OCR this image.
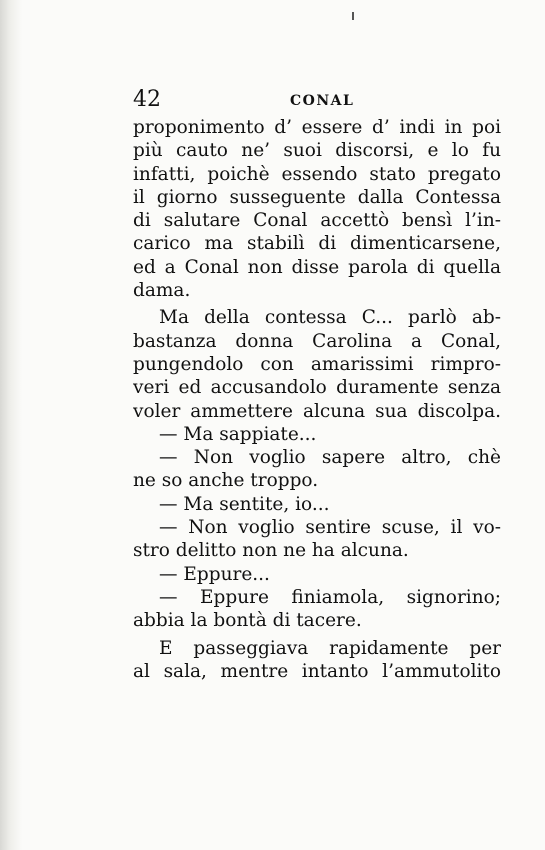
42	CONAL
proponimento d’ essere d’ indi in poi
più cauto ne’ suoi discorsi, e lo fu
infatti, poichè essendo stato pregato
il giorno susseguente dalla Contessa
di salutare Conal accettò bensì l’in-
carico ma stabilì di dimenticarsene,
ed a Conal non disse parola di quella
dama.
Ma della contessa C... parlò ab-
bastanza donna Carolina a Conal,
pungendolo con amarissimi rimpro-
veri ed accusandolo duramente senza
voler ammettere alcuna sua discolpa.
— Ma sappiate...
— Non voglio sapere altro, chè
ne so anche troppo.
— Ma sentite, io...
— Non voglio sentire scuse, il vo-
stro delitto non ne ha alcuna.
— Eppure...
— Eppure finiamola, signorino;
abbia la bontà di tacere.
E passeggiava rapidamente per
al sala, mentre intanto l’ammutolito
